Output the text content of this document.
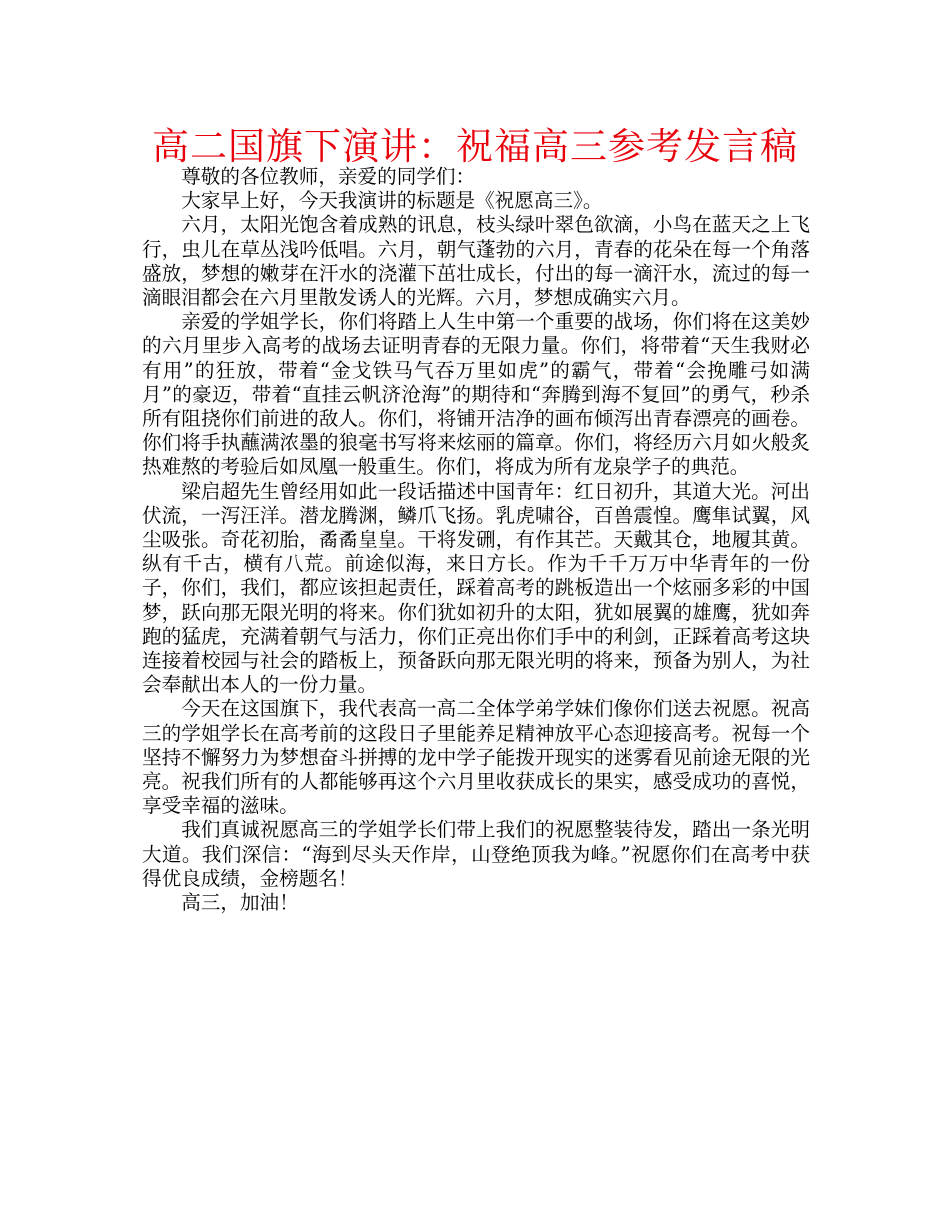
高二国旗下演讲：祝福高三参考发言稿

尊敬的各位教师，亲爱的同学们：

大家早上好，今天我演讲的标题是《祝愿高三》。

六月，太阳光饱含着成熟的讯息，枝头绿叶翠色欲滴，小鸟在蓝天之上飞行，虫儿在草丛浅吟低唱。六月，朝气蓬勃的六月，青春的花朵在每一个角落盛放，梦想的嫩芽在汗水的浇灌下茁壮成长，付出的每一滴汗水，流过的每一滴眼泪都会在六月里散发诱人的光辉。六月，梦想成确实六月。

亲爱的学姐学长，你们将踏上人生中第一个重要的战场，你们将在这美妙的六月里步入高考的战场去证明青春的无限力量。你们，将带着“天生我财必有用”的狂放，带着“金戈铁马气吞万里如虎”的霸气，带着“会挽雕弓如满月”的豪迈，带着“直挂云帆济沧海”的期待和“奔腾到海不复回”的勇气，秒杀所有阻挠你们前进的敌人。你们，将铺开洁净的画布倾泻出青春漂亮的画卷。你们将手执蘸满浓墨的狼毫书写将来炫丽的篇章。你们，将经历六月如火般炙热难熬的考验后如凤凰一般重生。你们，将成为所有龙泉学子的典范。

梁启超先生曾经用如此一段话描述中国青年：红日初升，其道大光。河出伏流，一泻汪洋。潜龙腾渊，鳞爪飞扬。乳虎啸谷，百兽震惶。鹰隼试翼，风尘吸张。奇花初胎，矞矞皇皇。干将发硎，有作其芒。天戴其仓，地履其黄。纵有千古，横有八荒。前途似海，来日方长。作为千千万万中华青年的一份子，你们，我们，都应该担起责任，踩着高考的跳板造出一个炫丽多彩的中国梦，跃向那无限光明的将来。你们犹如初升的太阳，犹如展翼的雄鹰，犹如奔跑的猛虎，充满着朝气与活力，你们正亮出你们手中的利剑，正踩着高考这块连接着校园与社会的踏板上，预备跃向那无限光明的将来，预备为别人，为社会奉献出本人的一份力量。

今天在这国旗下，我代表高一高二全体学弟学妹们像你们送去祝愿。祝高三的学姐学长在高考前的这段日子里能养足精神放平心态迎接高考。祝每一个坚持不懈努力为梦想奋斗拼搏的龙中学子能拨开现实的迷雾看见前途无限的光亮。祝我们所有的人都能够再这个六月里收获成长的果实，感受成功的喜悦，享受幸福的滋味。

我们真诚祝愿高三的学姐学长们带上我们的祝愿整装待发，踏出一条光明大道。我们深信：“海到尽头天作岸，山登绝顶我为峰。”祝愿你们在高考中获得优良成绩，金榜题名！

高三，加油！
